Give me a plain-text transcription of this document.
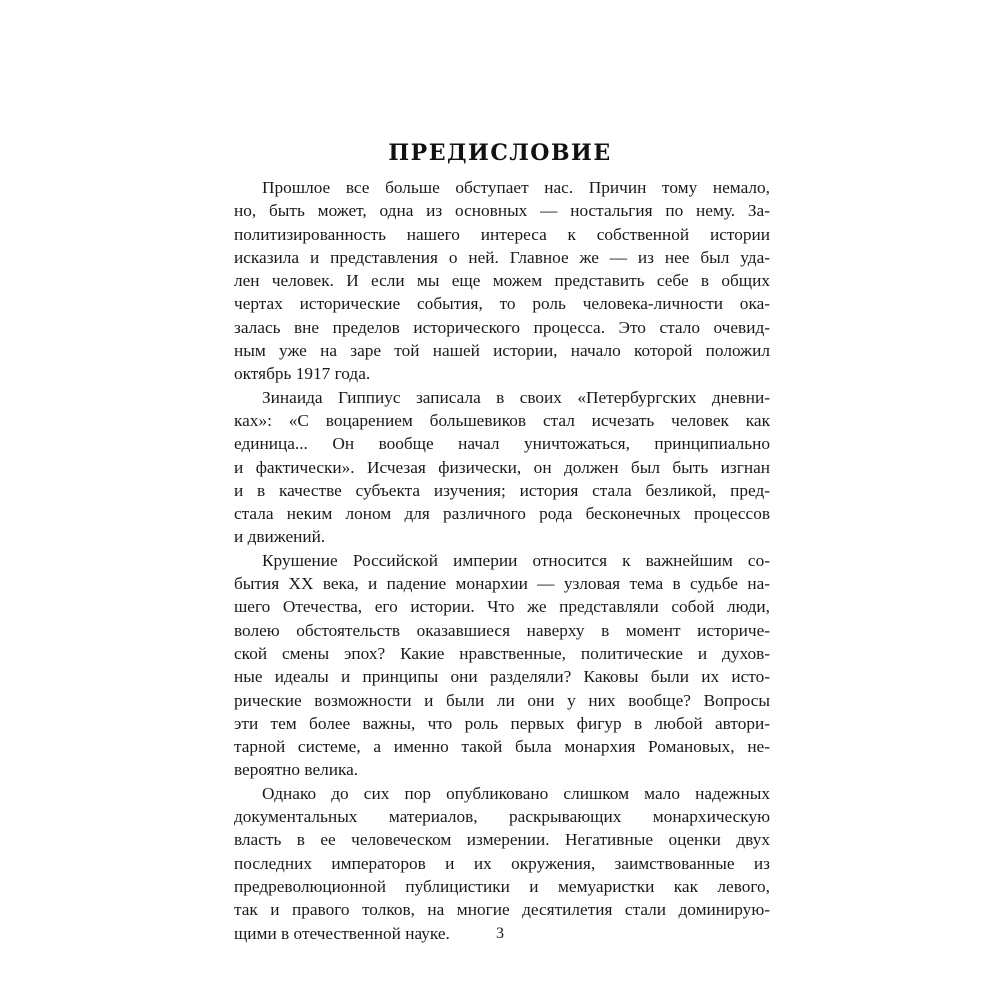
ПРЕДИСЛОВИЕ
Прошлое все больше обступает нас. Причин тому немало,
но, быть может, одна из основных — ностальгия по нему. За-
политизированность нашего интереса к собственной истории
исказила и представления о ней. Главное же — из нее был уда-
лен человек. И если мы еще можем представить себе в общих
чертах исторические события, то роль человека-личности ока-
залась вне пределов исторического процесса. Это стало очевид-
ным уже на заре той нашей истории, начало которой положил
октябрь 1917 года.
Зинаида Гиппиус записала в своих «Петербургских дневни-
ках»: «С воцарением большевиков стал исчезать человек как
единица... Он вообще начал уничтожаться, принципиально
и фактически». Исчезая физически, он должен был быть изгнан
и в качестве субъекта изучения; история стала безликой, пред-
стала неким лоном для различного рода бесконечных процессов
и движений.
Крушение Российской империи относится к важнейшим со-
бытия XX века, и падение монархии — узловая тема в судьбе на-
шего Отечества, его истории. Что же представляли собой люди,
волею обстоятельств оказавшиеся наверху в момент историче-
ской смены эпох? Какие нравственные, политические и духов-
ные идеалы и принципы они разделяли? Каковы были их исто-
рические возможности и были ли они у них вообще? Вопросы
эти тем более важны, что роль первых фигур в любой автори-
тарной системе, а именно такой была монархия Романовых, не-
вероятно велика.
Однако до сих пор опубликовано слишком мало надежных
документальных материалов, раскрывающих монархическую
власть в ее человеческом измерении. Негативные оценки двух
последних императоров и их окружения, заимствованные из
предреволюционной публицистики и мемуаристки как левого,
так и правого толков, на многие десятилетия стали доминирую-
щими в отечественной науке.	3
